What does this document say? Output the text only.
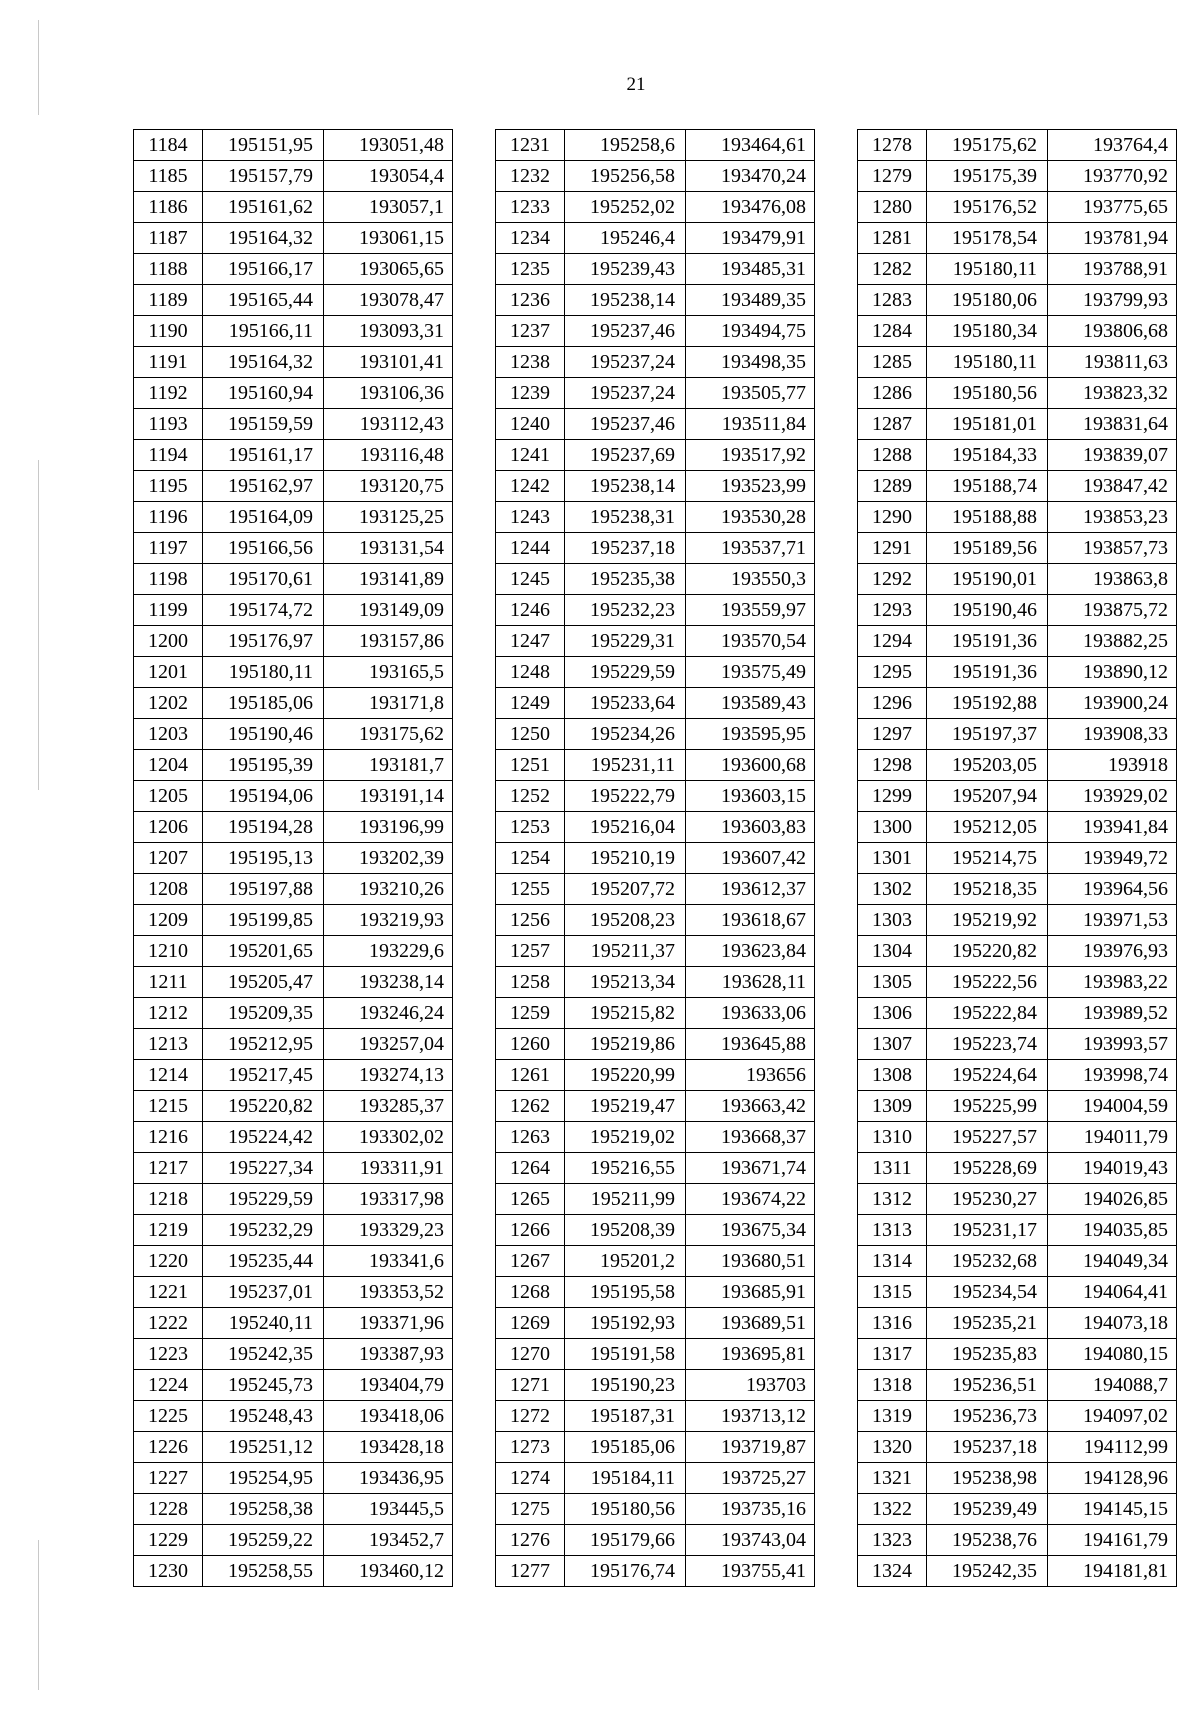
21
1184	195151,95	193051,48
1185	195157,79	193054,4
1186	195161,62	193057,1
1187	195164,32	193061,15
1188	195166,17	193065,65
1189	195165,44	193078,47
1190	195166,11	193093,31
1191	195164,32	193101,41
1192	195160,94	193106,36
1193	195159,59	193112,43
1194	195161,17	193116,48
1195	195162,97	193120,75
1196	195164,09	193125,25
1197	195166,56	193131,54
1198	195170,61	193141,89
1199	195174,72	193149,09
1200	195176,97	193157,86
1201	195180,11	193165,5
1202	195185,06	193171,8
1203	195190,46	193175,62
1204	195195,39	193181,7
1205	195194,06	193191,14
1206	195194,28	193196,99
1207	195195,13	193202,39
1208	195197,88	193210,26
1209	195199,85	193219,93
1210	195201,65	193229,6
1211	195205,47	193238,14
1212	195209,35	193246,24
1213	195212,95	193257,04
1214	195217,45	193274,13
1215	195220,82	193285,37
1216	195224,42	193302,02
1217	195227,34	193311,91
1218	195229,59	193317,98
1219	195232,29	193329,23
1220	195235,44	193341,6
1221	195237,01	193353,52
1222	195240,11	193371,96
1223	195242,35	193387,93
1224	195245,73	193404,79
1225	195248,43	193418,06
1226	195251,12	193428,18
1227	195254,95	193436,95
1228	195258,38	193445,5
1229	195259,22	193452,7
1230	195258,55	193460,12
1231	195258,6	193464,61
1232	195256,58	193470,24
1233	195252,02	193476,08
1234	195246,4	193479,91
1235	195239,43	193485,31
1236	195238,14	193489,35
1237	195237,46	193494,75
1238	195237,24	193498,35
1239	195237,24	193505,77
1240	195237,46	193511,84
1241	195237,69	193517,92
1242	195238,14	193523,99
1243	195238,31	193530,28
1244	195237,18	193537,71
1245	195235,38	193550,3
1246	195232,23	193559,97
1247	195229,31	193570,54
1248	195229,59	193575,49
1249	195233,64	193589,43
1250	195234,26	193595,95
1251	195231,11	193600,68
1252	195222,79	193603,15
1253	195216,04	193603,83
1254	195210,19	193607,42
1255	195207,72	193612,37
1256	195208,23	193618,67
1257	195211,37	193623,84
1258	195213,34	193628,11
1259	195215,82	193633,06
1260	195219,86	193645,88
1261	195220,99	193656
1262	195219,47	193663,42
1263	195219,02	193668,37
1264	195216,55	193671,74
1265	195211,99	193674,22
1266	195208,39	193675,34
1267	195201,2	193680,51
1268	195195,58	193685,91
1269	195192,93	193689,51
1270	195191,58	193695,81
1271	195190,23	193703
1272	195187,31	193713,12
1273	195185,06	193719,87
1274	195184,11	193725,27
1275	195180,56	193735,16
1276	195179,66	193743,04
1277	195176,74	193755,41
1278	195175,62	193764,4
1279	195175,39	193770,92
1280	195176,52	193775,65
1281	195178,54	193781,94
1282	195180,11	193788,91
1283	195180,06	193799,93
1284	195180,34	193806,68
1285	195180,11	193811,63
1286	195180,56	193823,32
1287	195181,01	193831,64
1288	195184,33	193839,07
1289	195188,74	193847,42
1290	195188,88	193853,23
1291	195189,56	193857,73
1292	195190,01	193863,8
1293	195190,46	193875,72
1294	195191,36	193882,25
1295	195191,36	193890,12
1296	195192,88	193900,24
1297	195197,37	193908,33
1298	195203,05	193918
1299	195207,94	193929,02
1300	195212,05	193941,84
1301	195214,75	193949,72
1302	195218,35	193964,56
1303	195219,92	193971,53
1304	195220,82	193976,93
1305	195222,56	193983,22
1306	195222,84	193989,52
1307	195223,74	193993,57
1308	195224,64	193998,74
1309	195225,99	194004,59
1310	195227,57	194011,79
1311	195228,69	194019,43
1312	195230,27	194026,85
1313	195231,17	194035,85
1314	195232,68	194049,34
1315	195234,54	194064,41
1316	195235,21	194073,18
1317	195235,83	194080,15
1318	195236,51	194088,7
1319	195236,73	194097,02
1320	195237,18	194112,99
1321	195238,98	194128,96
1322	195239,49	194145,15
1323	195238,76	194161,79
1324	195242,35	194181,81
